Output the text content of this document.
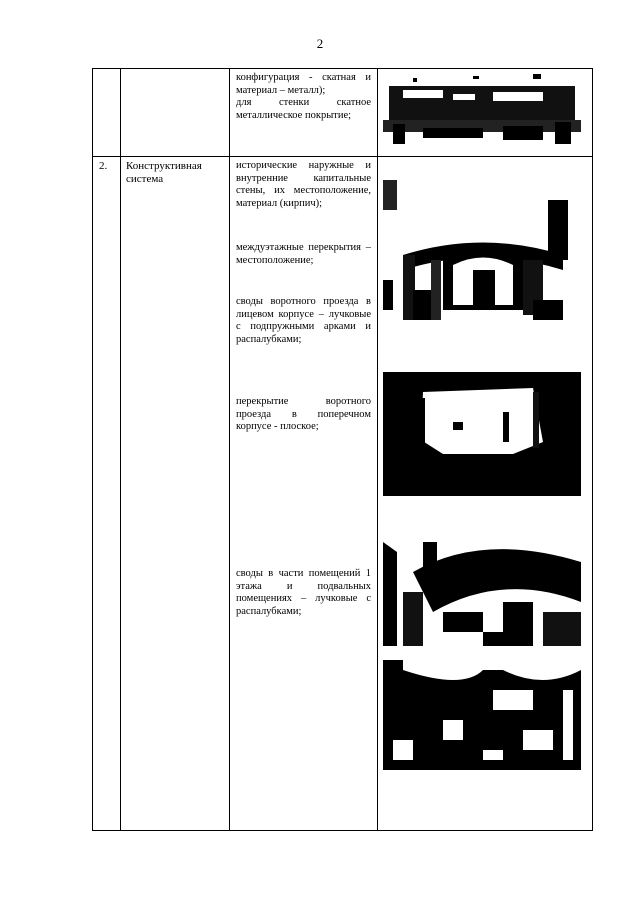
2

конфигурация - скатная и

материал – металл);

для стенки скатное

металлическое покрытие;

2. Конструктивная
система
исторические наружные и внутренние капитальные стены, их местоположение, материал (кирпич);
междуэтажные перекрытия – местоположение;
своды воротного проезда в лицевом корпусе – лучковые с подпружными арками и распалубками;
перекрытие воротного проезда в поперечном корпусе - плоское;
своды в части помещений 1 этажа и подвальных помещениях – лучковые с распалубками;
